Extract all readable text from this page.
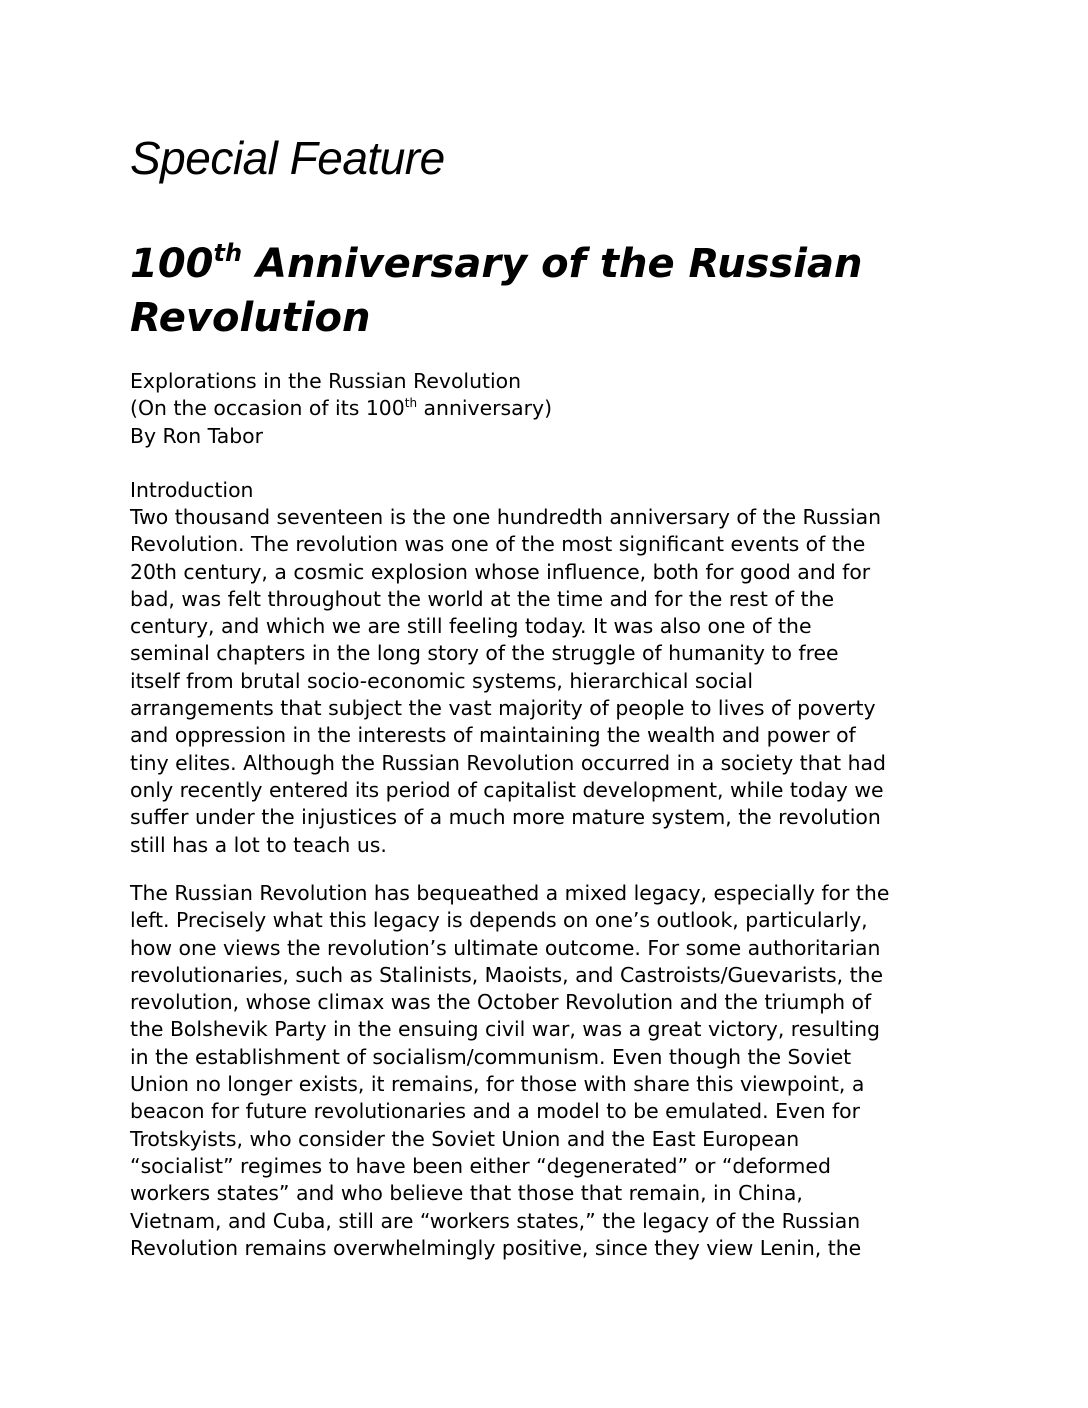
Special Feature
100th Anniversary of the Russian Revolution
Explorations in the Russian Revolution
(On the occasion of its 100th anniversary)
By Ron Tabor
Introduction

Two thousand seventeen is the one hundredth anniversary of the Russian
Revolution. The revolution was one of the most significant events of the
20th century, a cosmic explosion whose influence, both for good and for
bad, was felt throughout the world at the time and for the rest of the
century, and which we are still feeling today. It was also one of the
seminal chapters in the long story of the struggle of humanity to free
itself from brutal socio-economic systems, hierarchical social
arrangements that subject the vast majority of people to lives of poverty
and oppression in the interests of maintaining the wealth and power of
tiny elites. Although the Russian Revolution occurred in a society that had
only recently entered its period of capitalist development, while today we
suffer under the injustices of a much more mature system, the revolution
still has a lot to teach us.

The Russian Revolution has bequeathed a mixed legacy, especially for the
left. Precisely what this legacy is depends on one’s outlook, particularly,
how one views the revolution’s ultimate outcome. For some authoritarian
revolutionaries, such as Stalinists, Maoists, and Castroists/Guevarists, the
revolution, whose climax was the October Revolution and the triumph of
the Bolshevik Party in the ensuing civil war, was a great victory, resulting
in the establishment of socialism/communism. Even though the Soviet
Union no longer exists, it remains, for those with share this viewpoint, a
beacon for future revolutionaries and a model to be emulated. Even for
Trotskyists, who consider the Soviet Union and the East European
“socialist” regimes to have been either “degenerated” or “deformed
workers states” and who believe that those that remain, in China,
Vietnam, and Cuba, still are “workers states,” the legacy of the Russian
Revolution remains overwhelmingly positive, since they view Lenin, the
